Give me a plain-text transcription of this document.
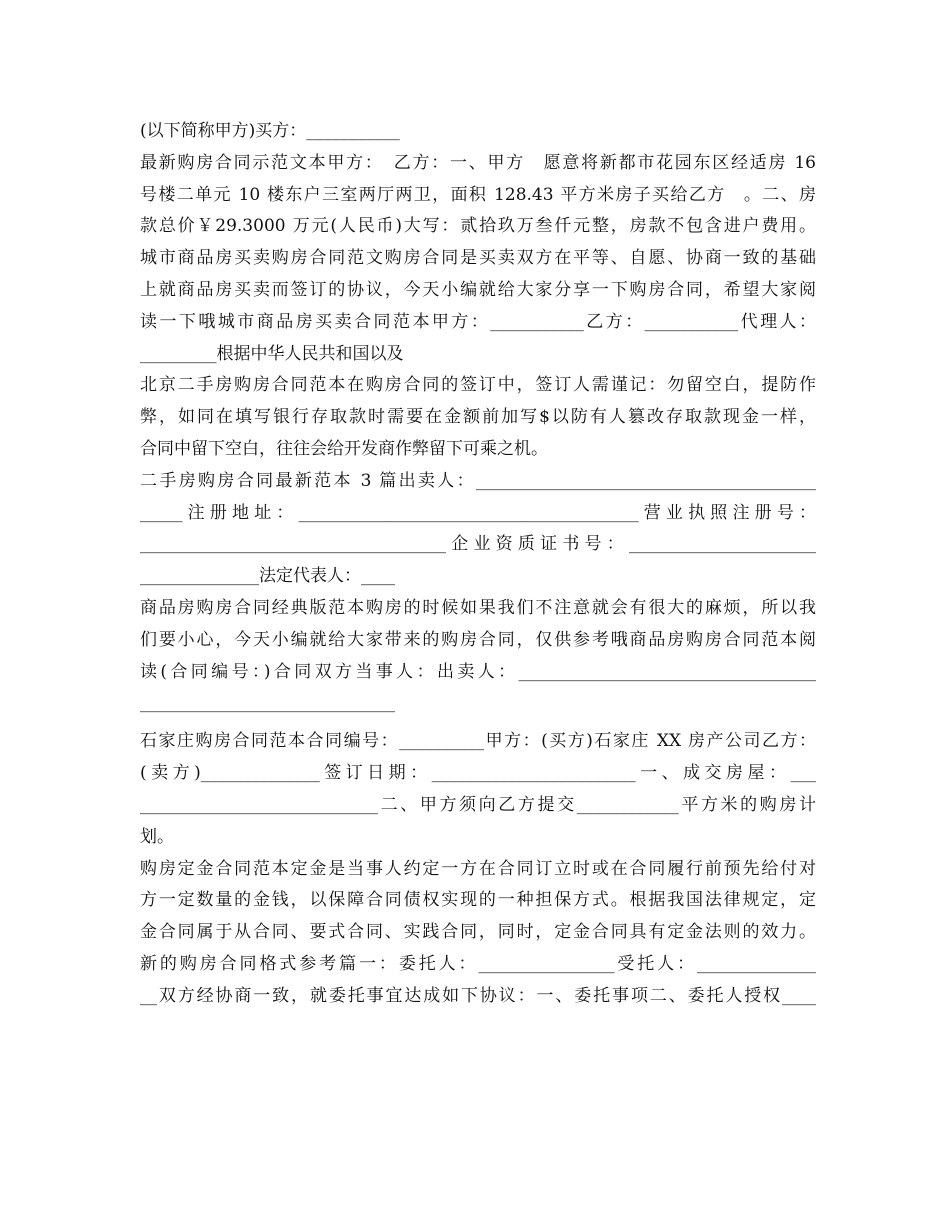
(以下简称甲方)买方：___________
最新购房合同示范文本甲方：　乙方：一、甲方　愿意将新都市花园东区经适房 16
号楼二单元 10 楼东户三室两厅两卫，面积 128.43 平方米房子买给乙方　。二、房
款总价￥29.3000 万元(人民币)大写：贰拾玖万叁仟元整，房款不包含进户费用。
城市商品房买卖购房合同范文购房合同是买卖双方在平等、自愿、协商一致的基础
上就商品房买卖而签订的协议，今天小编就给大家分享一下购房合同，希望大家阅
读一下哦城市商品房买卖合同范本甲方：___________乙方：___________代理人：
_________根据中华人民共和国以及
北京二手房购房合同范本在购房合同的签订中，签订人需谨记：勿留空白，提防作
弊，如同在填写银行存取款时需要在金额前加写$以防有人篡改存取款现金一样，
合同中留下空白，往往会给开发商作弊留下可乘之机。
二手房购房合同最新范本 3 篇出卖人：________________________________________
_____注册地址：________________________________________营业执照注册号：
____________________________________企业资质证书号：______________________
______________法定代表人：____
商品房购房合同经典版范本购房的时候如果我们不注意就会有很大的麻烦，所以我
们要小心，今天小编就给大家带来的购房合同，仅供参考哦商品房购房合同范本阅
读(合同编号：)合同双方当事人：出卖人：___________________________________
______________________________
石家庄购房合同范本合同编号：__________甲方：(买方)石家庄 XX 房产公司乙方：
(卖方)______________签订日期：________________________一、成交房屋：___
____________________________二、甲方须向乙方提交____________平方米的购房计
划。
购房定金合同范本定金是当事人约定一方在合同订立时或在合同履行前预先给付对
方一定数量的金钱，以保障合同债权实现的一种担保方式。根据我国法律规定，定
金合同属于从合同、要式合同、实践合同，同时，定金合同具有定金法则的效力。
新的购房合同格式参考篇一：委托人：________________受托人：______________
__双方经协商一致，就委托事宜达成如下协议：一、委托事项二、委托人授权____
